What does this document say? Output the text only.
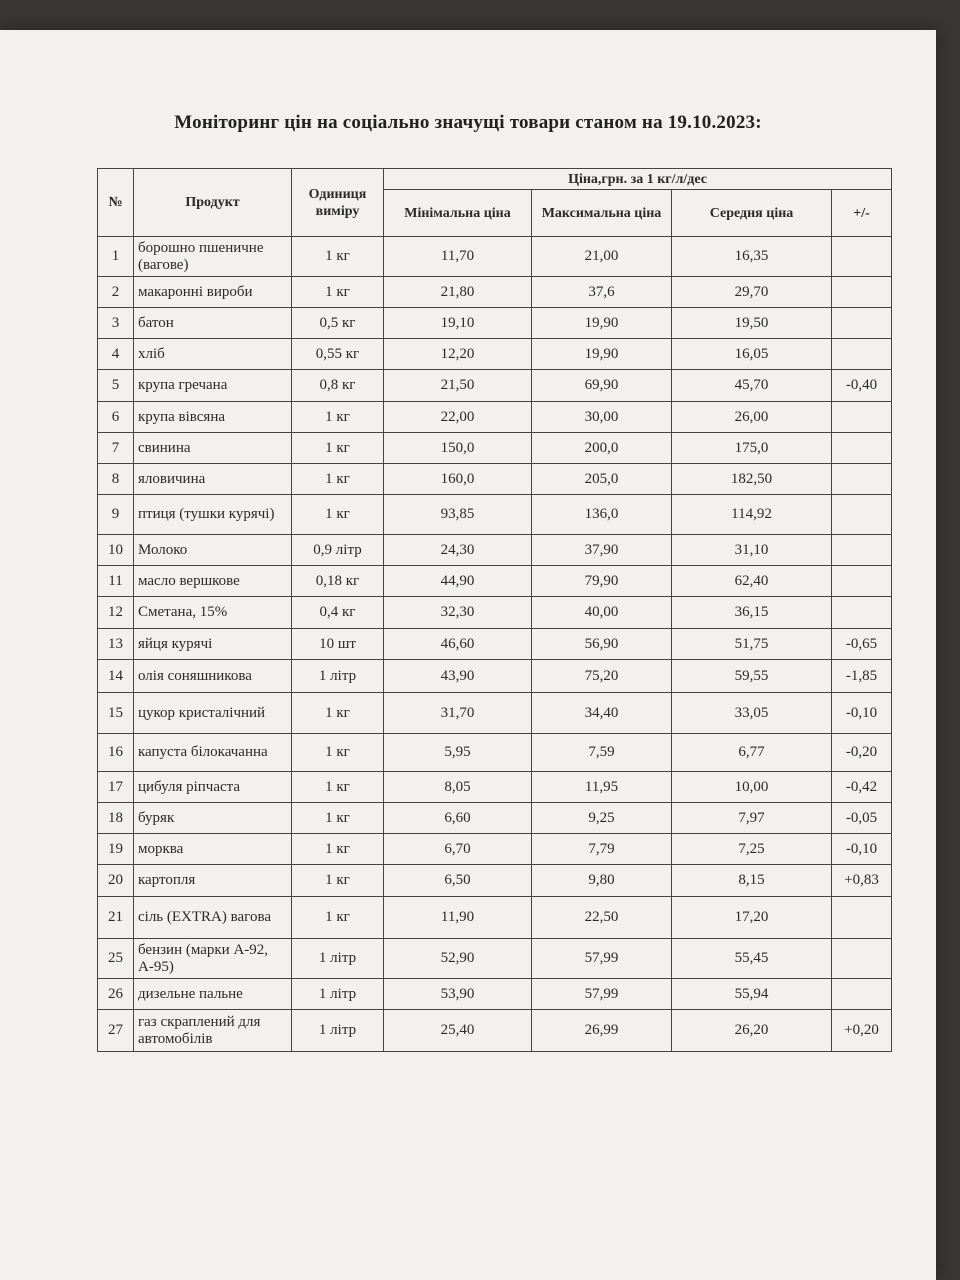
Моніторинг цін на соціально значущі товари станом на 19.10.2023:
№	Продукт	Одиниця виміру	Ціна,грн. за 1 кг/л/дес			
			Мінімальна ціна	Максимальна ціна	Середня ціна	+/-
1	борошно пшеничне (вагове)	1 кг	11,70	21,00	16,35	
2	макаронні вироби	1 кг	21,80	37,6	29,70	
3	батон	0,5 кг	19,10	19,90	19,50	
4	хліб	0,55 кг	12,20	19,90	16,05	
5	крупа гречана	0,8 кг	21,50	69,90	45,70	-0,40
6	крупа вівсяна	1 кг	22,00	30,00	26,00	
7	свинина	1 кг	150,0	200,0	175,0	
8	яловичина	1 кг	160,0	205,0	182,50	
9	птиця (тушки курячі)	1 кг	93,85	136,0	114,92	
10	Молоко	0,9 літр	24,30	37,90	31,10	
11	масло вершкове	0,18 кг	44,90	79,90	62,40	
12	Сметана, 15%	0,4 кг	32,30	40,00	36,15	
13	яйця курячі	10 шт	46,60	56,90	51,75	-0,65
14	олія соняшникова	1 літр	43,90	75,20	59,55	-1,85
15	цукор кристалічний	1 кг	31,70	34,40	33,05	-0,10
16	капуста білокачанна	1 кг	5,95	7,59	6,77	-0,20
17	цибуля ріпчаста	1 кг	8,05	11,95	10,00	-0,42
18	буряк	1 кг	6,60	9,25	7,97	-0,05
19	морква	1 кг	6,70	7,79	7,25	-0,10
20	картопля	1 кг	6,50	9,80	8,15	+0,83
21	сіль (EXTRA) вагова	1 кг	11,90	22,50	17,20	
25	бензин (марки А-92, А-95)	1 літр	52,90	57,99	55,45	
26	дизельне пальне	1 літр	53,90	57,99	55,94	
27	газ скраплений для автомобілів	1 літр	25,40	26,99	26,20	+0,20
